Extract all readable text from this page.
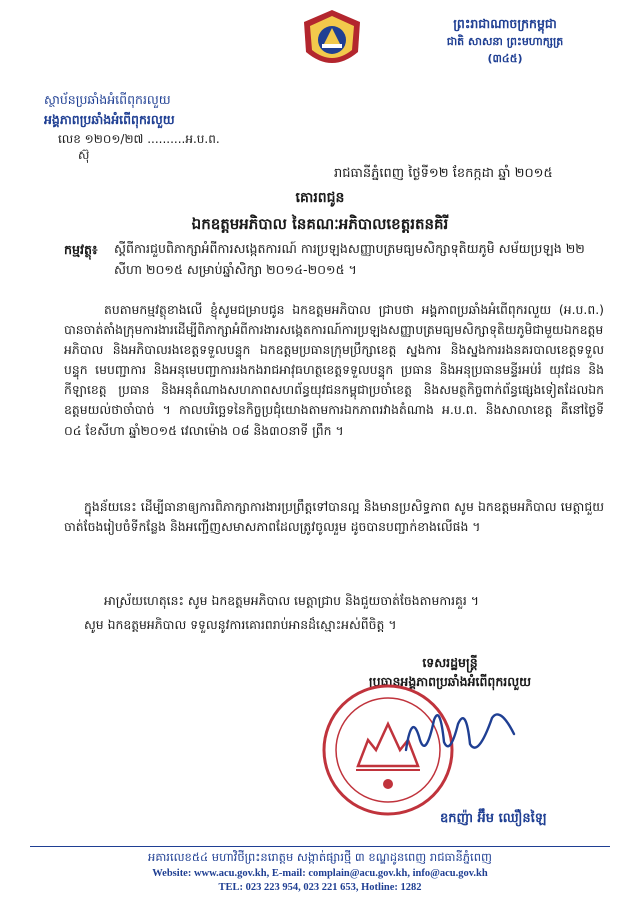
ព្រះរាជាណាចក្រកម្ពុជា
ជាតិ សាសនា ព្រះមហាក្សត្រ
(៣៤៥)
ស្ថាប័នប្រឆាំងអំពើពុករលួយ
អង្គភាពប្រឆាំងអំពើពុករលួយ
លេខ ១២០១/២៧ ..........អ.ប.ព.
ស៊ុ
រាជធានីភ្នំពេញ ថ្ងៃទី១២ ខែកក្កដា ឆ្នាំ ២០១៥
គោរពជូន
ឯកឧត្តមអភិបាល នៃគណៈអភិបាលខេត្តរតនគិរី
កម្មវត្ថុ៖	ស្តីពីការជួបពិភាក្សាអំពីការសង្កេតការណ៍ ការប្រឡងសញ្ញាបត្រមធ្យមសិក្សាទុតិយភូមិ សម័យប្រឡង ២២ សីហា ២០១៥ សម្រាប់ឆ្នាំសិក្សា ២០១៤-២០១៥ ។
តបតាមកម្មវត្ថុខាងលើ ខ្ញុំសូមជម្រាបជូន ឯកឧត្តមអភិបាល ជ្រាបថា អង្គភាពប្រឆាំងអំពើពុករលួយ (អ.ប.ព.) បានចាត់តាំងក្រុមការងារដើម្បីពិភាក្សាអំពីការងារសង្កេតការណ៍ការប្រឡងសញ្ញាបត្រមធ្យមសិក្សាទុតិយភូមិជាមួយឯកឧត្តមអភិបាល និងអភិបាលរងខេត្តទទួលបន្ទុក ឯកឧត្តមប្រធានក្រុមប្រឹក្សាខេត្ត ស្នងការ និងស្នងការរងនគរបាលខេត្តទទួលបន្ទុក មេបញ្ជាការ និងអនុមេបញ្ជាការរងកងរាជអាវុធហត្ថខេត្តទទួលបន្ទុក ប្រធាន និងអនុប្រធានមន្ទីរអប់រំ យុវជន និងកីឡាខេត្ត ប្រធាន និងអនុតំណាងសហភាពសហព័ន្ធយុវជនកម្ពុជាប្រចាំខេត្ត និងសមត្ថកិច្ចពាក់ព័ន្ធផ្សេងទៀតដែលឯកឧត្តមយល់ថាចាំបាច់ ។ កាលបរិច្ឆេទនៃកិច្ចប្រជុំយោងតាមការឯកភាពរវាងតំណាង អ.ប.ព. និងសាលាខេត្ត គឺនៅថ្ងៃទី ០៤ ខែសីហា ឆ្នាំ២០១៥ វេលាម៉ោង ០៨ និង៣០នាទី ព្រឹក ។
ក្នុងន័យនេះ ដើម្បីធានាឲ្យការពិភាក្សាការងារប្រព្រឹត្តទៅបានល្អ និងមានប្រសិទ្ធភាព សូម ឯកឧត្តមអភិបាល មេត្តាជួយចាត់ចែងរៀបចំទីកន្លែង និងអញ្ជើញសមាសភាពដែលត្រូវចូលរួម ដូចបានបញ្ជាក់ខាងលើផង ។
អាស្រ័យហេតុនេះ សូម ឯកឧត្តមអភិបាល មេត្តាជ្រាប និងជួយចាត់ចែងតាមការគួរ ។
សូម ឯកឧត្តមអភិបាល ទទួលនូវការគោរពរាប់អានដ៏ស្មោះអស់ពីចិត្ត ។
ទេសរដ្ឋមន្ត្រី
ប្រធានអង្គភាពប្រឆាំងអំពើពុករលួយ
ឧកញ៉ា អ៊ឹម ឈឿនឡៃ
អគារលេខ៥៤ មហាវិថីព្រះនរោត្តម សង្កាត់ផ្សារថ្មី ៣ ខណ្ឌដូនពេញ រាជធានីភ្នំពេញ
Website: www.acu.gov.kh, E-mail: complain@acu.gov.kh, info@acu.gov.kh
TEL: 023 223 954, 023 221 653, Hotline: 1282
